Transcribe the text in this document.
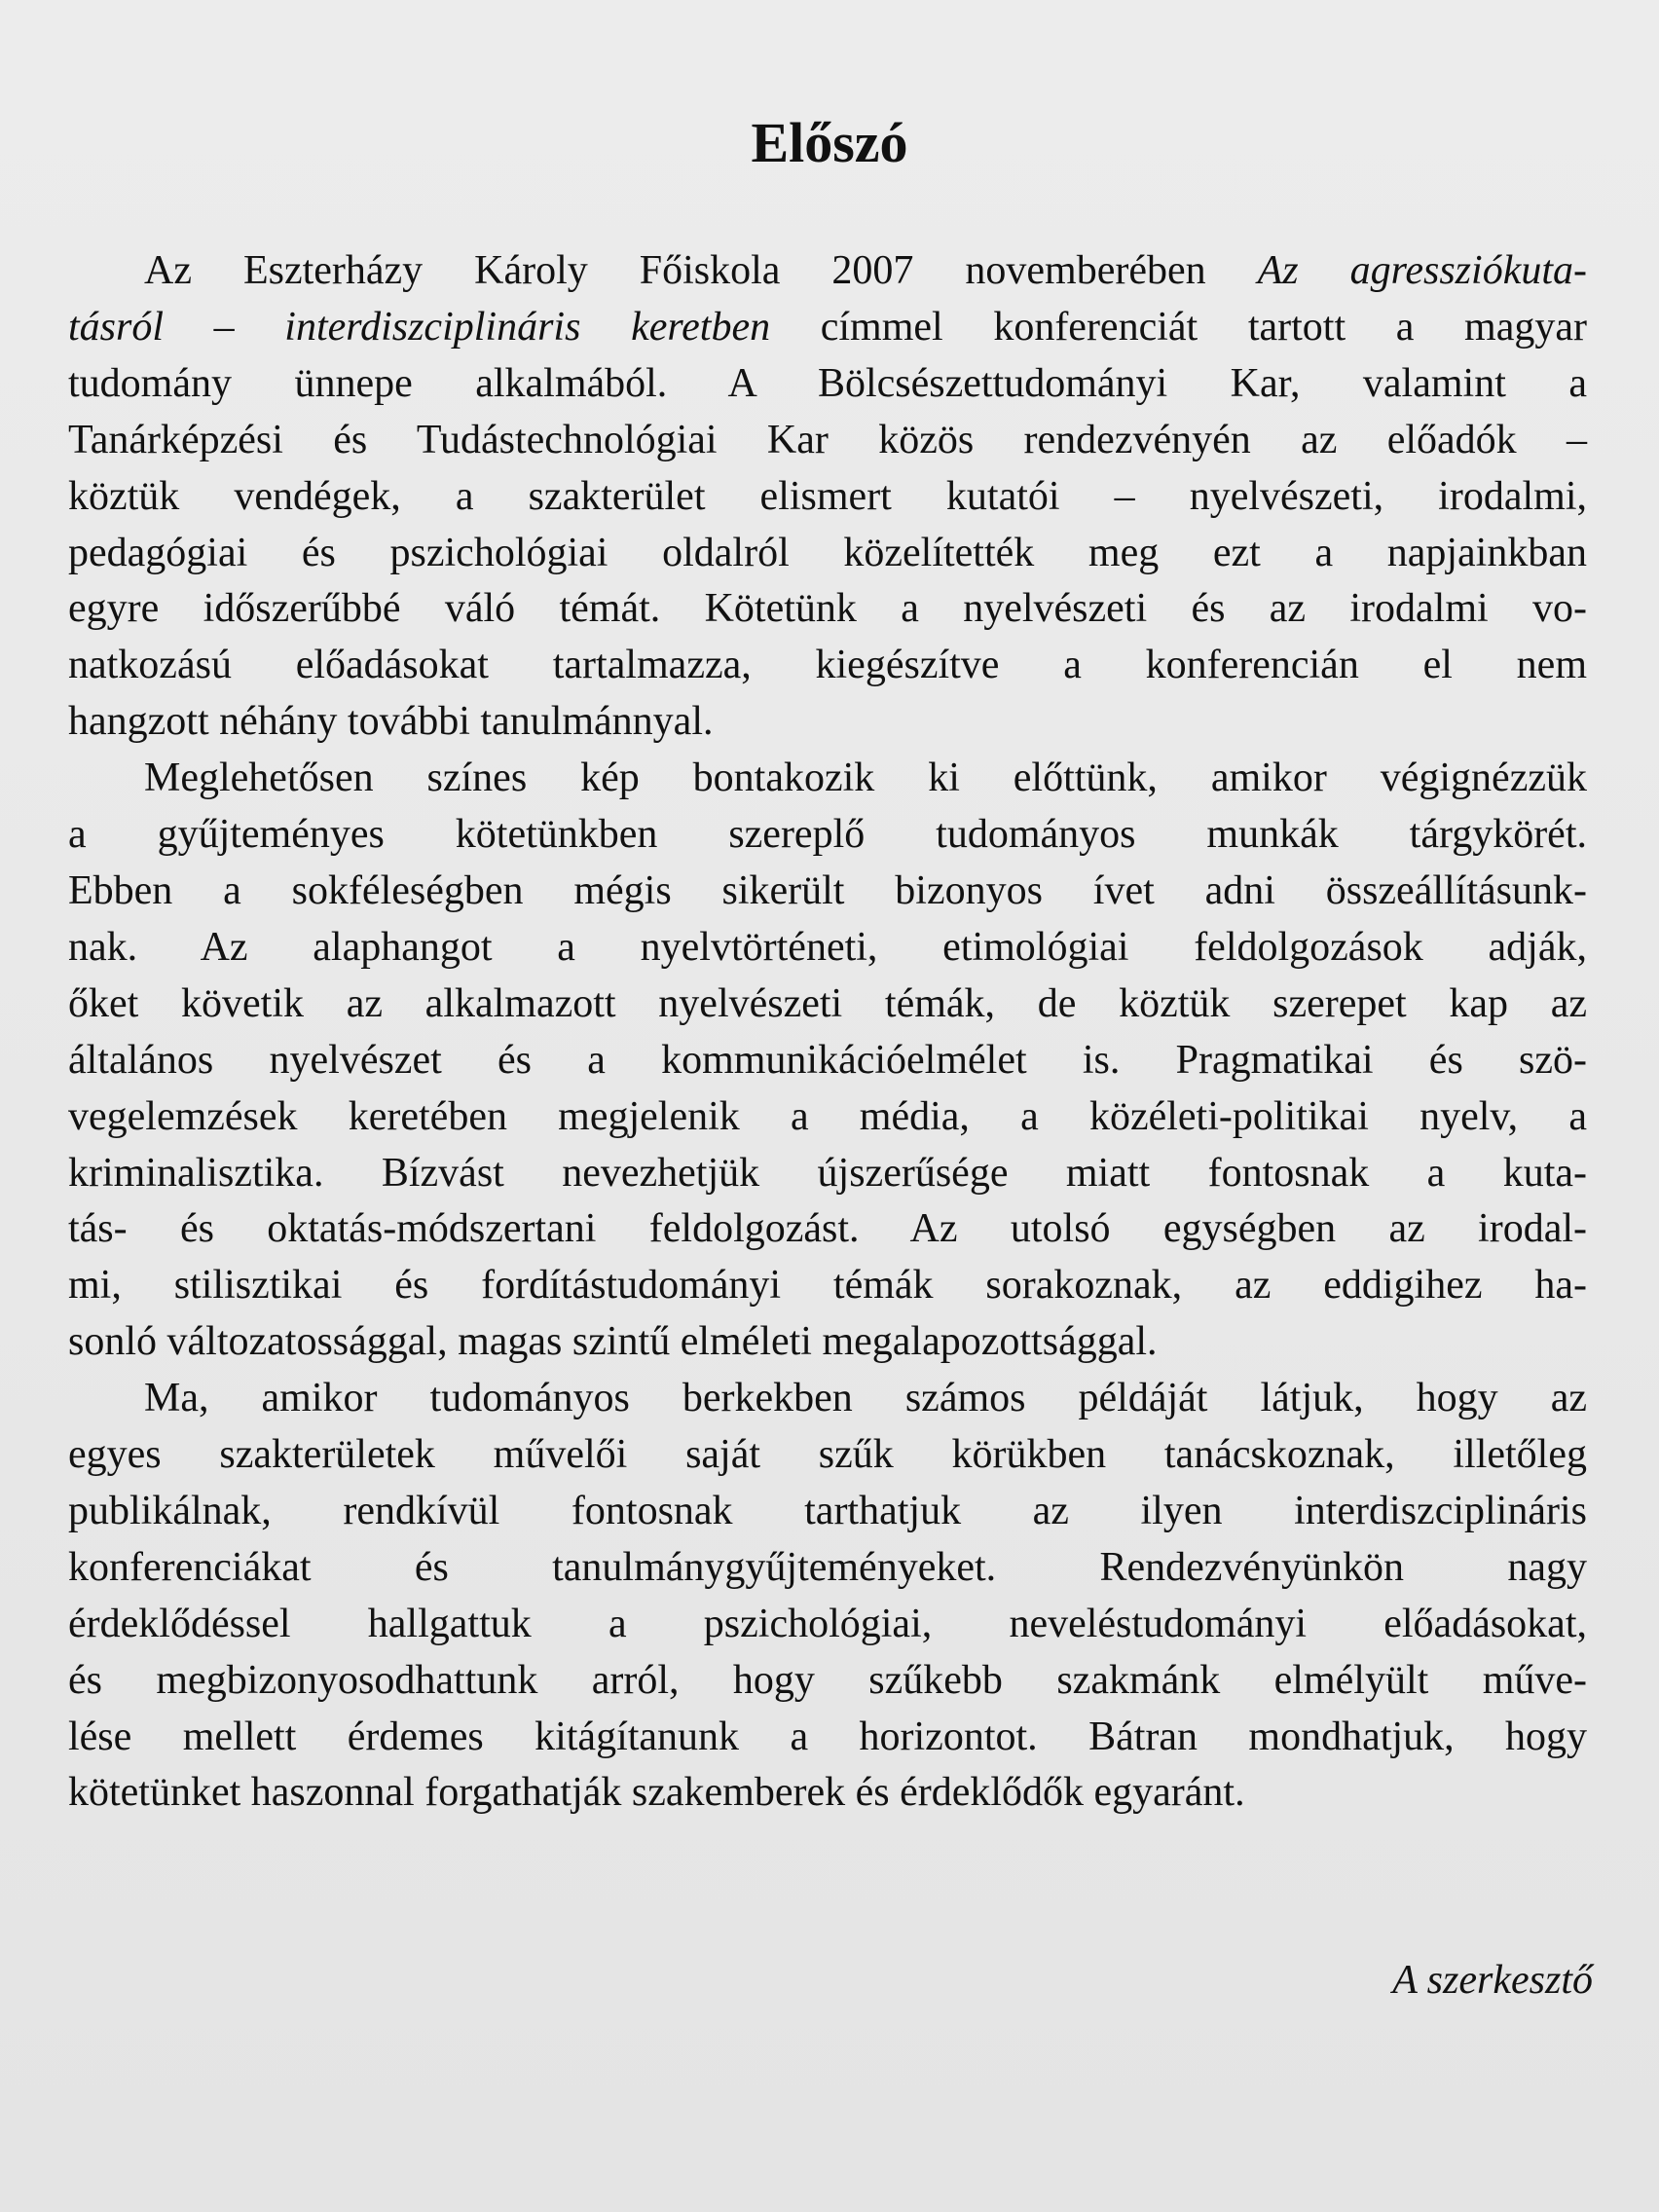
Előszó

Az Eszterházy Károly Főiskola 2007 novemberében Az agressziókuta-
tásról – interdiszciplináris keretben címmel konferenciát tartott a magyar
tudomány ünnepe alkalmából. A Bölcsészettudományi Kar, valamint a
Tanárképzési és Tudástechnológiai Kar közös rendezvényén az előadók –
köztük vendégek, a szakterület elismert kutatói – nyelvészeti, irodalmi,
pedagógiai és pszichológiai oldalról közelítették meg ezt a napjainkban
egyre időszerűbbé váló témát. Kötetünk a nyelvészeti és az irodalmi vo-
natkozású előadásokat tartalmazza, kiegészítve a konferencián el nem
hangzott néhány további tanulmánnyal.

Meglehetősen színes kép bontakozik ki előttünk, amikor végignézzük
a gyűjteményes kötetünkben szereplő tudományos munkák tárgykörét.
Ebben a sokféleségben mégis sikerült bizonyos ívet adni összeállításunk-
nak. Az alaphangot a nyelvtörténeti, etimológiai feldolgozások adják,
őket követik az alkalmazott nyelvészeti témák, de köztük szerepet kap az
általános nyelvészet és a kommunikációelmélet is. Pragmatikai és szö-
vegelemzések keretében megjelenik a média, a közéleti-politikai nyelv, a
kriminalisztika. Bízvást nevezhetjük újszerűsége miatt fontosnak a kuta-
tás- és oktatás-módszertani feldolgozást. Az utolsó egységben az irodal-
mi, stilisztikai és fordítástudományi témák sorakoznak, az eddigihez ha-
sonló változatossággal, magas szintű elméleti megalapozottsággal.

Ma, amikor tudományos berkekben számos példáját látjuk, hogy az
egyes szakterületek művelői saját szűk körükben tanácskoznak, illetőleg
publikálnak, rendkívül fontosnak tarthatjuk az ilyen interdiszciplináris
konferenciákat és tanulmánygyűjteményeket. Rendezvényünkön nagy
érdeklődéssel hallgattuk a pszichológiai, neveléstudományi előadásokat,
és megbizonyosodhattunk arról, hogy szűkebb szakmánk elmélyült műve-
lése mellett érdemes kitágítanunk a horizontot. Bátran mondhatjuk, hogy
kötetünket haszonnal forgathatják szakemberek és érdeklődők egyaránt.

A szerkesztő
